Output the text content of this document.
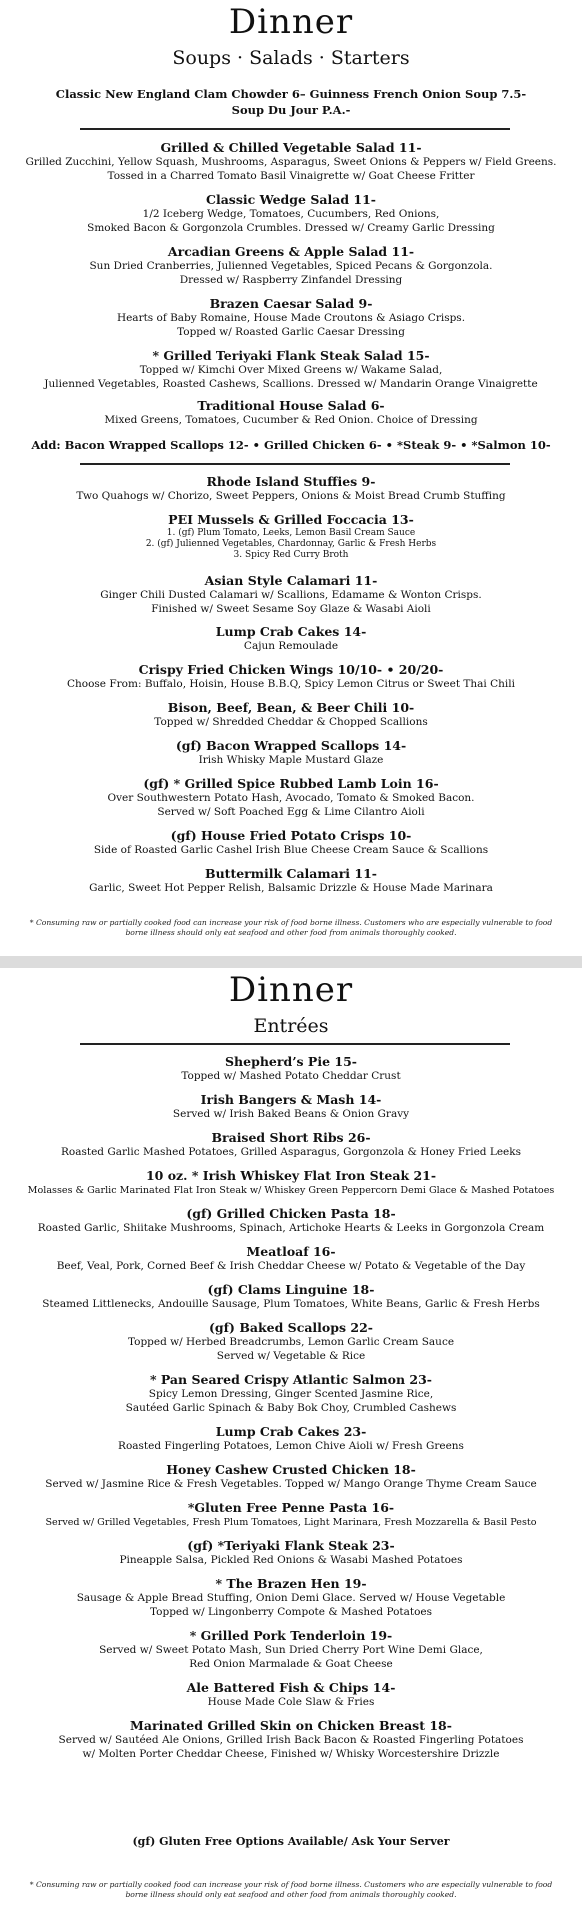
Dinner
Soups · Salads · Starters
Classic New England Clam Chowder 6– Guinness French Onion Soup 7.5-
Soup Du Jour P.A.-
Grilled & Chilled Vegetable Salad 11-
Grilled Zucchini, Yellow Squash, Mushrooms, Asparagus, Sweet Onions & Peppers w/ Field Greens.
Tossed in a Charred Tomato Basil Vinaigrette w/ Goat Cheese Fritter
Classic Wedge Salad 11-
1/2 Iceberg Wedge, Tomatoes, Cucumbers, Red Onions,
Smoked Bacon & Gorgonzola Crumbles. Dressed w/ Creamy Garlic Dressing
Arcadian Greens & Apple Salad 11-
Sun Dried Cranberries, Julienned Vegetables, Spiced Pecans & Gorgonzola.
Dressed w/ Raspberry Zinfandel Dressing
Brazen Caesar Salad 9-
Hearts of Baby Romaine, House Made Croutons & Asiago Crisps.
Topped w/ Roasted Garlic Caesar Dressing
* Grilled Teriyaki Flank Steak Salad 15-
Topped w/ Kimchi Over Mixed Greens w/ Wakame Salad,
Julienned Vegetables, Roasted Cashews, Scallions. Dressed w/ Mandarin Orange Vinaigrette
Traditional House Salad 6-
Mixed Greens, Tomatoes, Cucumber & Red Onion. Choice of Dressing
Add: Bacon Wrapped Scallops 12- • Grilled Chicken 6- • *Steak 9- • *Salmon 10-
Rhode Island Stuffies 9-
Two Quahogs w/ Chorizo, Sweet Peppers, Onions & Moist Bread Crumb Stuffing
PEI Mussels & Grilled Foccacia 13-
1. (gf) Plum Tomato, Leeks, Lemon Basil Cream Sauce
2. (gf) Julienned Vegetables, Chardonnay, Garlic & Fresh Herbs
3. Spicy Red Curry Broth
Asian Style Calamari 11-
Ginger Chili Dusted Calamari w/ Scallions, Edamame & Wonton Crisps.
Finished w/ Sweet Sesame Soy Glaze & Wasabi Aioli
Lump Crab Cakes 14-
Cajun Remoulade
Crispy Fried Chicken Wings 10/10- • 20/20-
Choose From: Buffalo, Hoisin, House B.B.Q, Spicy Lemon Citrus or Sweet Thai Chili
Bison, Beef, Bean, & Beer Chili 10-
Topped w/ Shredded Cheddar & Chopped Scallions
(gf) Bacon Wrapped Scallops 14-
Irish Whisky Maple Mustard Glaze
(gf) * Grilled Spice Rubbed Lamb Loin 16-
Over Southwestern Potato Hash, Avocado, Tomato & Smoked Bacon.
Served w/ Soft Poached Egg & Lime Cilantro Aioli
(gf) House Fried Potato Crisps 10-
Side of Roasted Garlic Cashel Irish Blue Cheese Cream Sauce & Scallions
Buttermilk Calamari 11-
Garlic, Sweet Hot Pepper Relish, Balsamic Drizzle & House Made Marinara
* Consuming raw or partially cooked food can increase your risk of food borne illness. Customers who are especially vulnerable to food
borne illness should only eat seafood and other food from animals thoroughly cooked.
Dinner
Entrées
Shepherd’s Pie 15-
Topped w/ Mashed Potato Cheddar Crust
Irish Bangers & Mash 14-
Served w/ Irish Baked Beans & Onion Gravy
Braised Short Ribs 26-
Roasted Garlic Mashed Potatoes, Grilled Asparagus, Gorgonzola & Honey Fried Leeks
10 oz. * Irish Whiskey Flat Iron Steak 21-
Molasses & Garlic Marinated Flat Iron Steak w/ Whiskey Green Peppercorn Demi Glace & Mashed Potatoes
(gf) Grilled Chicken Pasta 18-
Roasted Garlic, Shiitake Mushrooms, Spinach, Artichoke Hearts & Leeks in Gorgonzola Cream
Meatloaf 16-
Beef, Veal, Pork, Corned Beef & Irish Cheddar Cheese w/ Potato & Vegetable of the Day
(gf) Clams Linguine 18-
Steamed Littlenecks, Andouille Sausage, Plum Tomatoes, White Beans, Garlic & Fresh Herbs
(gf) Baked Scallops 22-
Topped w/ Herbed Breadcrumbs, Lemon Garlic Cream Sauce
Served w/ Vegetable & Rice
* Pan Seared Crispy Atlantic Salmon 23-
Spicy Lemon Dressing, Ginger Scented Jasmine Rice,
Sautéed Garlic Spinach & Baby Bok Choy, Crumbled Cashews
Lump Crab Cakes 23-
Roasted Fingerling Potatoes, Lemon Chive Aioli w/ Fresh Greens
Honey Cashew Crusted Chicken 18-
Served w/ Jasmine Rice & Fresh Vegetables. Topped w/ Mango Orange Thyme Cream Sauce
*Gluten Free Penne Pasta 16-
Served w/ Grilled Vegetables, Fresh Plum Tomatoes, Light Marinara, Fresh Mozzarella & Basil Pesto
(gf) *Teriyaki Flank Steak 23-
Pineapple Salsa, Pickled Red Onions & Wasabi Mashed Potatoes
* The Brazen Hen 19-
Sausage & Apple Bread Stuffing, Onion Demi Glace. Served w/ House Vegetable
Topped w/ Lingonberry Compote & Mashed Potatoes
* Grilled Pork Tenderloin 19-
Served w/ Sweet Potato Mash, Sun Dried Cherry Port Wine Demi Glace,
Red Onion Marmalade & Goat Cheese
Ale Battered Fish & Chips 14-
House Made Cole Slaw & Fries
Marinated Grilled Skin on Chicken Breast 18-
Served w/ Sautéed Ale Onions, Grilled Irish Back Bacon & Roasted Fingerling Potatoes
w/ Molten Porter Cheddar Cheese, Finished w/ Whisky Worcestershire Drizzle
(gf) Gluten Free Options Available/ Ask Your Server
* Consuming raw or partially cooked food can increase your risk of food borne illness. Customers who are especially vulnerable to food
borne illness should only eat seafood and other food from animals thoroughly cooked.
